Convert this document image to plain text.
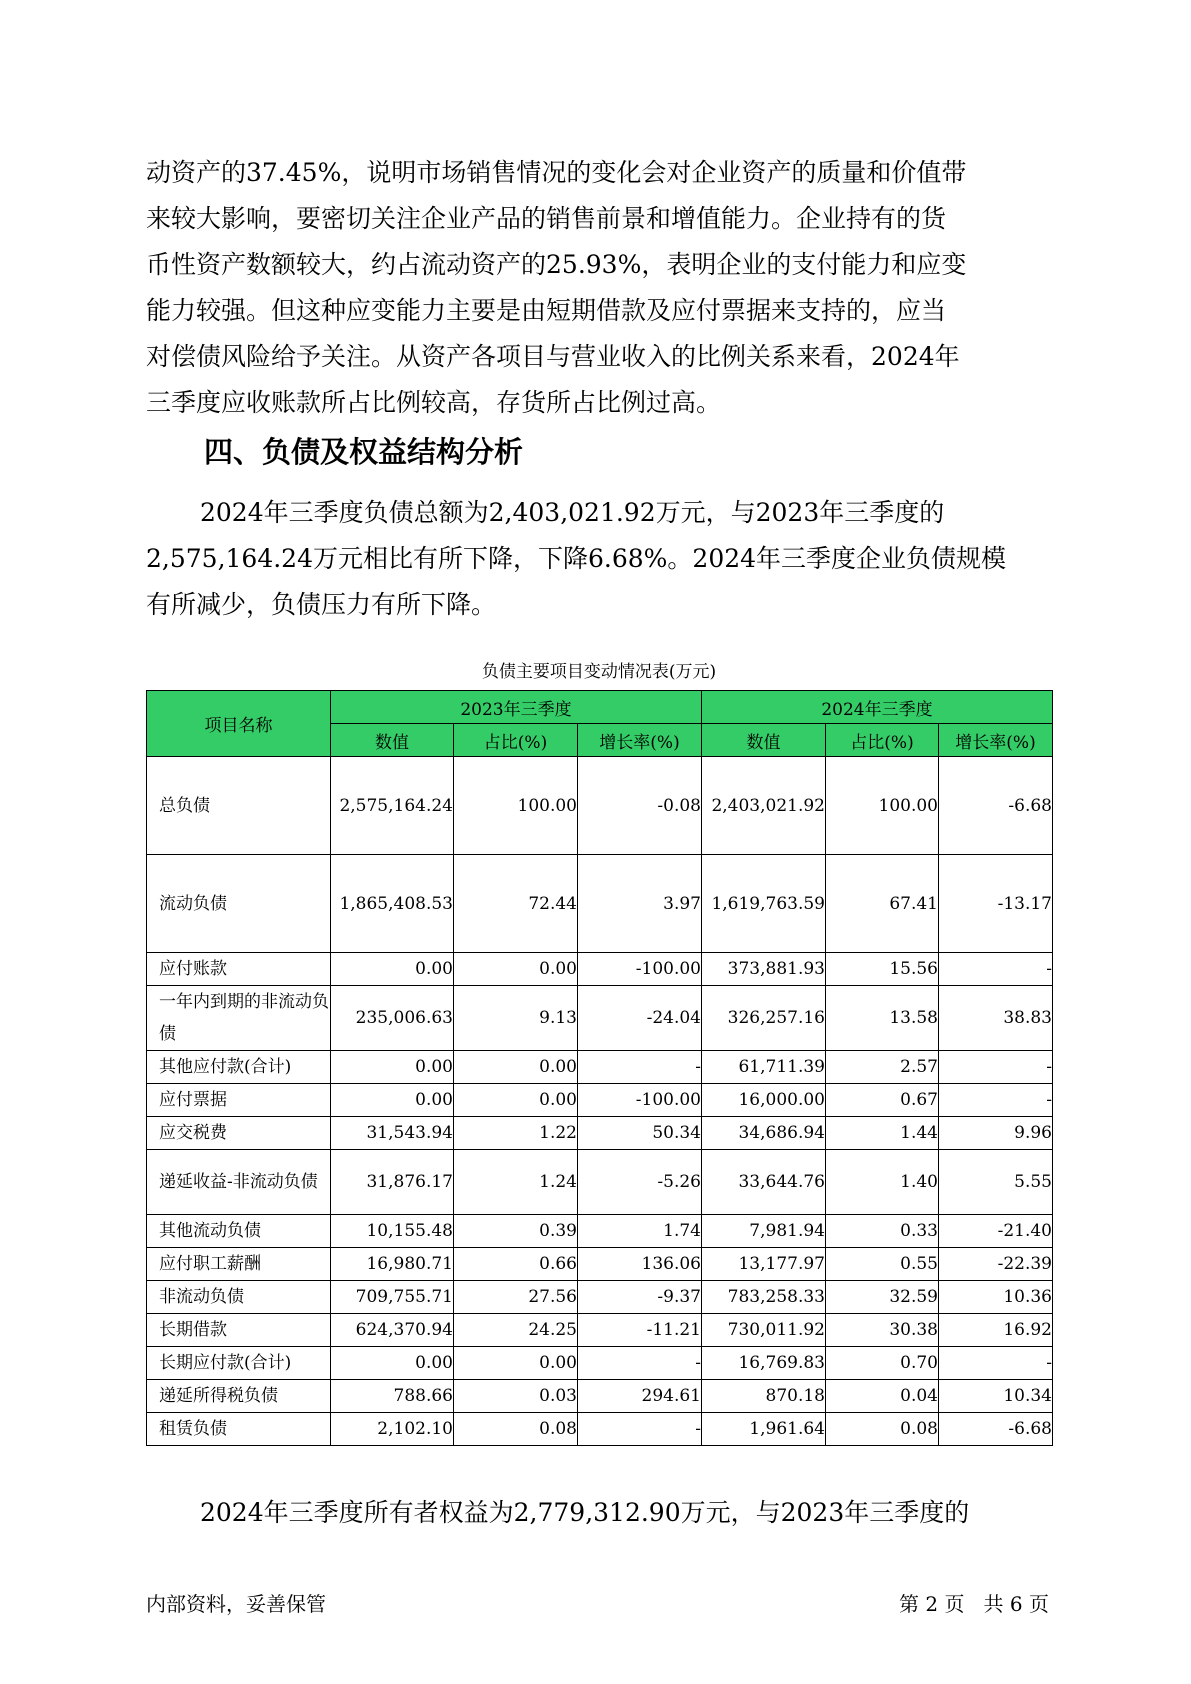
动资产的37.45%，说明市场销售情况的变化会对企业资产的质量和价值带
来较大影响，要密切关注企业产品的销售前景和增值能力。企业持有的货
币性资产数额较大，约占流动资产的25.93%，表明企业的支付能力和应变
能力较强。但这种应变能力主要是由短期借款及应付票据来支持的，应当
对偿债风险给予关注。从资产各项目与营业收入的比例关系来看，2024年
三季度应收账款所占比例较高，存货所占比例过高。
四、负债及权益结构分析
2024年三季度负债总额为2,403,021.92万元，与2023年三季度的
2,575,164.24万元相比有所下降，下降6.68%。2024年三季度企业负债规模
有所减少，负债压力有所下降。
负债主要项目变动情况表(万元)
项目名称	2023年三季度			2024年三季度		
	数值	占比(%)	增长率(%)	数值	占比(%)	增长率(%)
总负债	2,575,164.24	100.00	-0.08	2,403,021.92	100.00	-6.68
流动负债	1,865,408.53	72.44	3.97	1,619,763.59	67.41	-13.17
应付账款	0.00	0.00	-100.00	373,881.93	15.56	-
一年内到期的非流动负债	235,006.63	9.13	-24.04	326,257.16	13.58	38.83
其他应付款(合计)	0.00	0.00	-	61,711.39	2.57	-
应付票据	0.00	0.00	-100.00	16,000.00	0.67	-
应交税费	31,543.94	1.22	50.34	34,686.94	1.44	9.96
递延收益-非流动负债	31,876.17	1.24	-5.26	33,644.76	1.40	5.55
其他流动负债	10,155.48	0.39	1.74	7,981.94	0.33	-21.40
应付职工薪酬	16,980.71	0.66	136.06	13,177.97	0.55	-22.39
非流动负债	709,755.71	27.56	-9.37	783,258.33	32.59	10.36
长期借款	624,370.94	24.25	-11.21	730,011.92	30.38	16.92
长期应付款(合计)	0.00	0.00	-	16,769.83	0.70	-
递延所得税负债	788.66	0.03	294.61	870.18	0.04	10.34
租赁负债	2,102.10	0.08	-	1,961.64	0.08	-6.68
2024年三季度所有者权益为2,779,312.90万元，与2023年三季度的
内部资料，妥善保管	第 2 页   共 6 页
